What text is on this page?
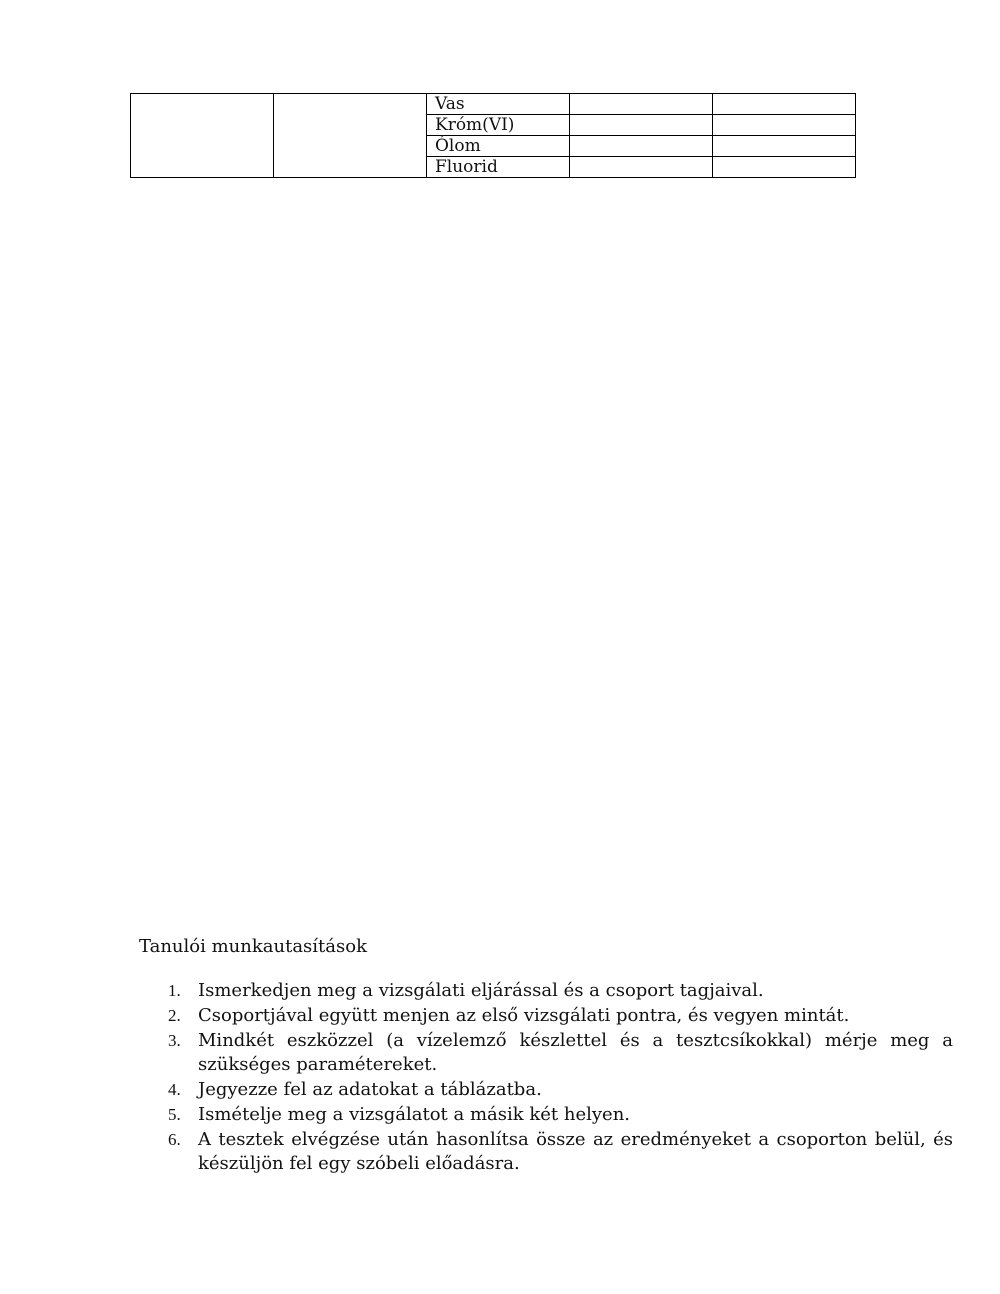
		Vas		
		Króm(VI)		
		Ólom		
		Fluorid		

Tanulói munkautasítások

1. Ismerkedjen meg a vizsgálati eljárással és a csoport tagjaival.
2. Csoportjával együtt menjen az első vizsgálati pontra, és vegyen mintát.
3. Mindkét eszközzel (a vízelemző készlettel és a tesztcsíkokkal) mérje meg a szükséges paramétereket.
4. Jegyezze fel az adatokat a táblázatba.
5. Ismételje meg a vizsgálatot a másik két helyen.
6. A tesztek elvégzése után hasonlítsa össze az eredményeket a csoporton belül, és készüljön fel egy szóbeli előadásra.
